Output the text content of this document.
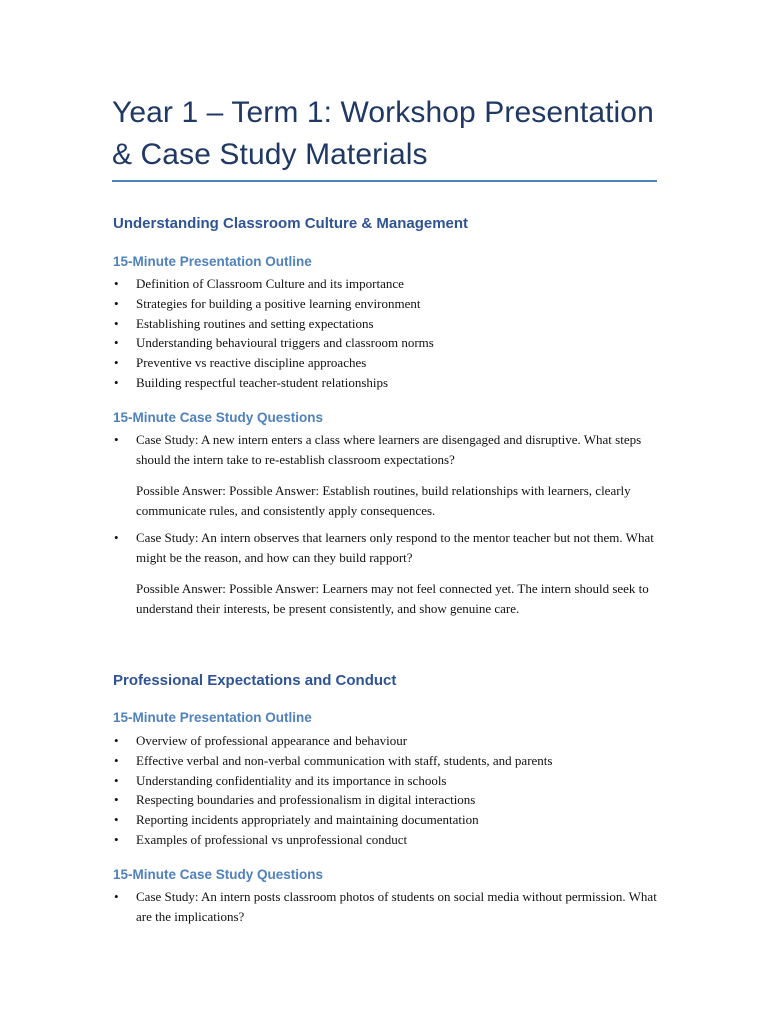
Year 1 – Term 1: Workshop Presentation
& Case Study Materials
Understanding Classroom Culture & Management
15-Minute Presentation Outline
• Definition of Classroom Culture and its importance
• Strategies for building a positive learning environment
• Establishing routines and setting expectations
• Understanding behavioural triggers and classroom norms
• Preventive vs reactive discipline approaches
• Building respectful teacher-student relationships
15-Minute Case Study Questions
• Case Study: A new intern enters a class where learners are disengaged and disruptive. What steps should the intern take to re-establish classroom expectations?
Possible Answer: Possible Answer: Establish routines, build relationships with learners, clearly communicate rules, and consistently apply consequences.
• Case Study: An intern observes that learners only respond to the mentor teacher but not them. What might be the reason, and how can they build rapport?
Possible Answer: Possible Answer: Learners may not feel connected yet. The intern should seek to understand their interests, be present consistently, and show genuine care.
Professional Expectations and Conduct
15-Minute Presentation Outline
• Overview of professional appearance and behaviour
• Effective verbal and non-verbal communication with staff, students, and parents
• Understanding confidentiality and its importance in schools
• Respecting boundaries and professionalism in digital interactions
• Reporting incidents appropriately and maintaining documentation
• Examples of professional vs unprofessional conduct
15-Minute Case Study Questions
• Case Study: An intern posts classroom photos of students on social media without permission. What are the implications?
